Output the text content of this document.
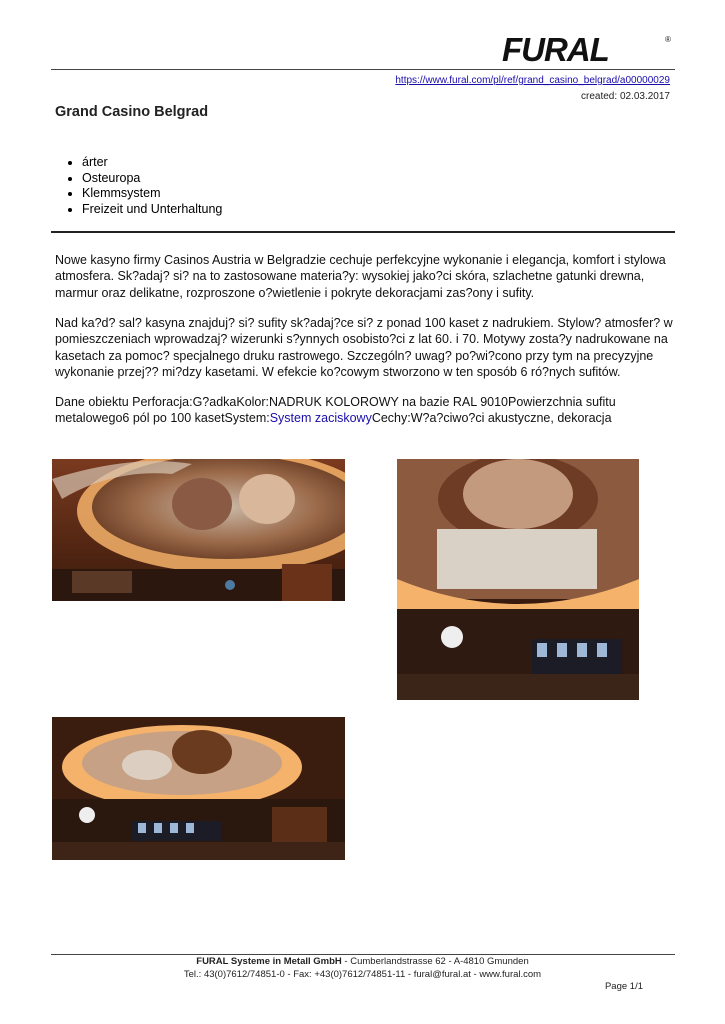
FURAL	®
https://www.fural.com/pl/ref/grand_casino_belgrad/a00000029
created: 02.03.2017
Grand Casino Belgrad
• árter
• Osteuropa
• Klemmsystem
• Freizeit und Unterhaltung
Nowe kasyno firmy Casinos Austria w Belgradzie cechuje perfekcyjne wykonanie i elegancja, komfort i stylowa atmosfera. Sk?adaj? si? na to zastosowane materia?y: wysokiej jako?ci skóra, szlachetne gatunki drewna, marmur oraz delikatne, rozproszone o?wietlenie i pokryte dekoracjami zas?ony i sufity.
Nad ka?d? sal? kasyna znajduj? si? sufity sk?adaj?ce si? z ponad 100 kaset z nadrukiem. Stylow? atmosfer? w pomieszczeniach wprowadzaj? wizerunki s?ynnych osobisto?ci z lat 60. i 70. Motywy zosta?y nadrukowane na kasetach za pomoc? specjalnego druku rastrowego. Szczególn? uwag? po?wi?cono przy tym na precyzyjne wykonanie przej?? mi?dzy kasetami. W efekcie ko?cowym stworzono w ten sposób 6 ró?nych sufitów.
Dane obiektu Perforacja:G?adkaKolor:NADRUK KOLOROWY na bazie RAL 9010Powierzchnia sufitu metalowego6 pól po 100 kasetSystem:System zaciskowyCechy:W?a?ciwo?ci akustyczne, dekoracja
FURAL Systeme in Metall GmbH - Cumberlandstrasse 62 - A-4810 Gmunden
Tel.: 43(0)7612/74851-0 - Fax: +43(0)7612/74851-11 - fural@fural.at - www.fural.com
Page 1/1
